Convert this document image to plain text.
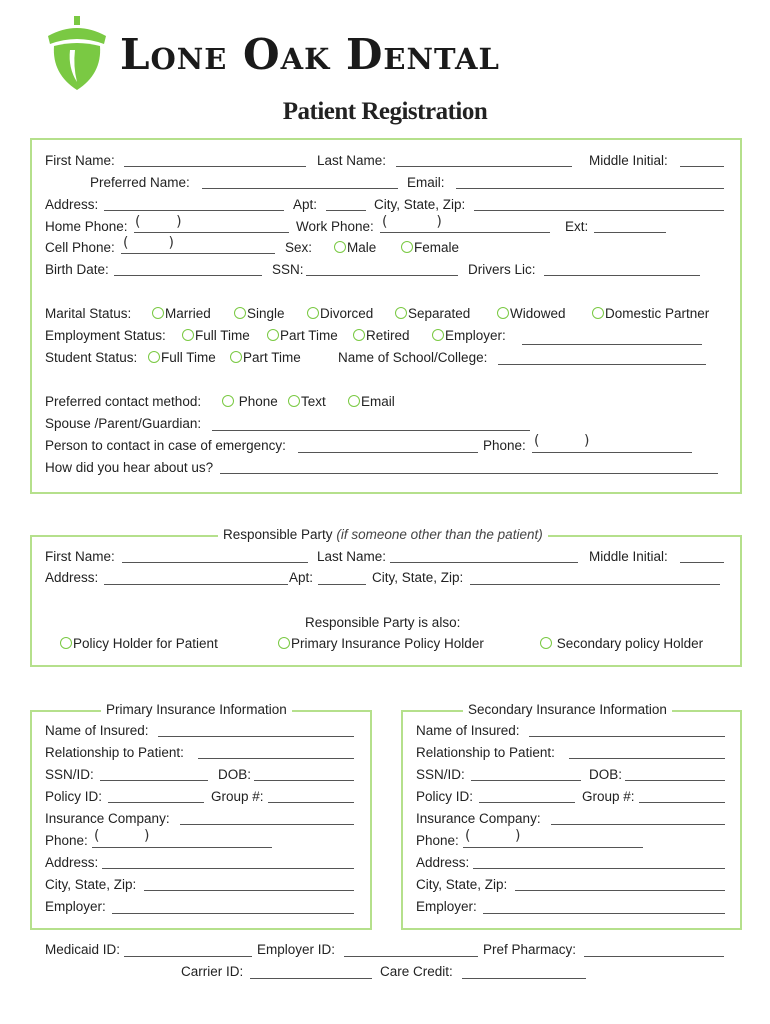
Lone Oak Dental
Patient Registration
First Name:	Last Name:	Middle Initial:
Preferred Name:	Email:
Address:	Apt:	City, State, Zip:
Home Phone: (        )	Work Phone: (           )	Ext:
Cell Phone: (         )	Sex:	Male	Female
Birth Date:	SSN:	Drivers Lic:
Marital Status:	Married	Single	Divorced	Separated	Widowed	Domestic Partner
Employment Status:	Full Time	Part Time	Retired	Employer:
Student Status:	Full Time	Part Time	Name of School/College:
Preferred contact method:	Phone	Text	Email
Spouse /Parent/Guardian:
Person to contact in case of emergency:	Phone: (          )
How did you hear about us?
Responsible Party (if someone other than the patient)
First Name:	Last Name:	Middle Initial:
Address:	Apt:	City, State, Zip:
Responsible Party is also:
Policy Holder for Patient	Primary Insurance Policy Holder	Secondary policy Holder
Primary Insurance Information
Name of Insured:
Relationship to Patient:
SSN/ID:	DOB:
Policy ID:	Group #:
Insurance Company:
Phone: (          )
Address:
City, State, Zip:
Employer:
Secondary Insurance Information
Name of Insured:
Relationship to Patient:
SSN/ID:	DOB:
Policy ID:	Group #:
Insurance Company:
Phone: (          )
Address:
City, State, Zip:
Employer:
Medicaid ID:	Employer ID:	Pref Pharmacy:
Carrier ID:	Care Credit:
